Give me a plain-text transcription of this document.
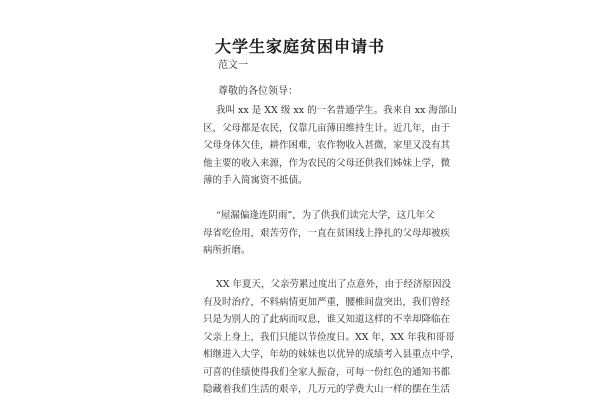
大学生家庭贫困申请书
范文一
尊敬的各位领导：
我叫 xx 是 XX 级 xx 的一名普通学生。我来自 xx 海部山
区，父母都是农民，仅靠几亩薄田维持生计。近几年，由于
父母身体欠佳，耕作困难，农作物收入甚微，家里又没有其
他主要的收入来源，作为农民的父母还供我们姊妹上学，微
薄的手入简寓资不抵债。
“屋漏偏逢连阴雨”，为了供我们读完大学，这几年父
母省吃俭用，艰苦劳作，一直在贫困线上挣扎的父母却被疾
病所折磨。
XX 年夏天，父亲劳累过度出了点意外，由于经济原因没
有及时治疗，不料病情更加严重，腰椎间盘突出，我们曾经
只是为别人的了此病而叹息，谁又知道这样的不幸却降临在
父亲上身上，我们只能以节俭度日。XX 年，XX 年我和哥哥
相继进入大学，年幼的妹妹也以优异的成绩考入县重点中学，
可喜的佳绩使得我们全家人振奋，可每一份红色的通知书都
隐藏着我们生活的艰辛，几万元的学费大山一样的摆在生活
